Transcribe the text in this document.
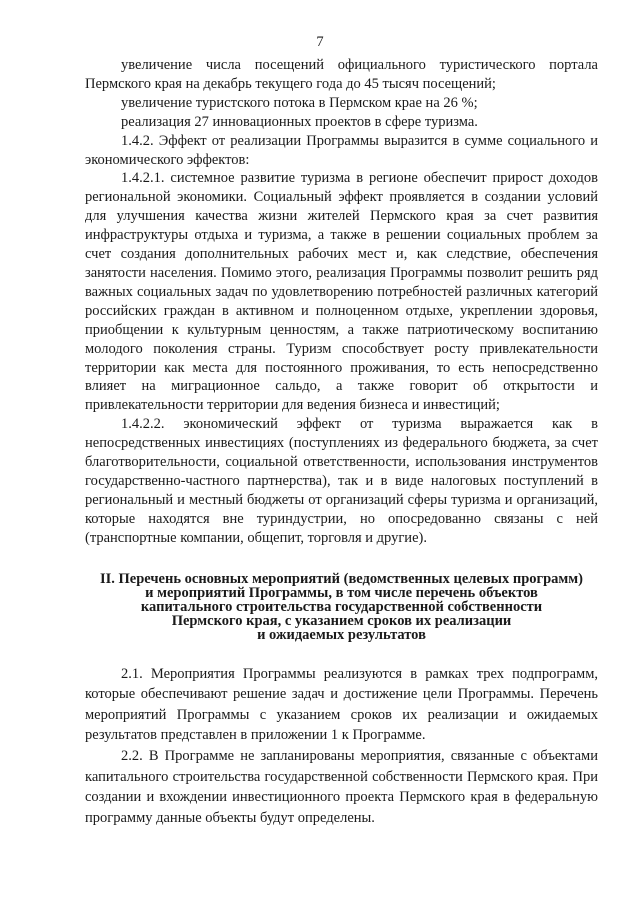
7

увеличение числа посещений официального туристического портала Пермского края на декабрь текущего года до 45 тысяч посещений;

увеличение туристского потока в Пермском крае на 26 %;

реализация 27 инновационных проектов в сфере туризма.

1.4.2. Эффект от реализации Программы выразится в сумме социального и экономического эффектов:

1.4.2.1. системное развитие туризма в регионе обеспечит прирост доходов региональной экономики. Социальный эффект проявляется в создании условий для улучшения качества жизни жителей Пермского края за счет развития инфраструктуры отдыха и туризма, а также в решении социальных проблем за счет создания дополнительных рабочих мест и, как следствие, обеспечения занятости населения. Помимо этого, реализация Программы позволит решить ряд важных социальных задач по удовлетворению потребностей различных категорий российских граждан в активном и полноценном отдыхе, укреплении здоровья, приобщении к культурным ценностям, а также патриотическому воспитанию молодого поколения страны. Туризм способствует росту привлекательности территории как места для постоянного проживания, то есть непосредственно влияет на миграционное сальдо, а также говорит об открытости и привлекательности территории для ведения бизнеса и инвестиций;

1.4.2.2. экономический эффект от туризма выражается как в непосредственных инвестициях (поступлениях из федерального бюджета, за счет благотворительности, социальной ответственности, использования инструментов государственно-частного партнерства), так и в виде налоговых поступлений в региональный и местный бюджеты от организаций сферы туризма и организаций, которые находятся вне туриндустрии, но опосредованно связаны с ней (транспортные компании, общепит, торговля и другие).

II. Перечень основных мероприятий (ведомственных целевых программ)
и мероприятий Программы, в том числе перечень объектов
капитального строительства государственной собственности
Пермского края, с указанием сроков их реализации
и ожидаемых результатов

2.1. Мероприятия Программы реализуются в рамках трех подпрограмм, которые обеспечивают решение задач и достижение цели Программы. Перечень мероприятий Программы с указанием сроков их реализации и ожидаемых результатов представлен в приложении 1 к Программе.

2.2. В Программе не запланированы мероприятия, связанные с объектами капитального строительства государственной собственности Пермского края. При создании и вхождении инвестиционного проекта Пермского края в федеральную программу данные объекты будут определены.
